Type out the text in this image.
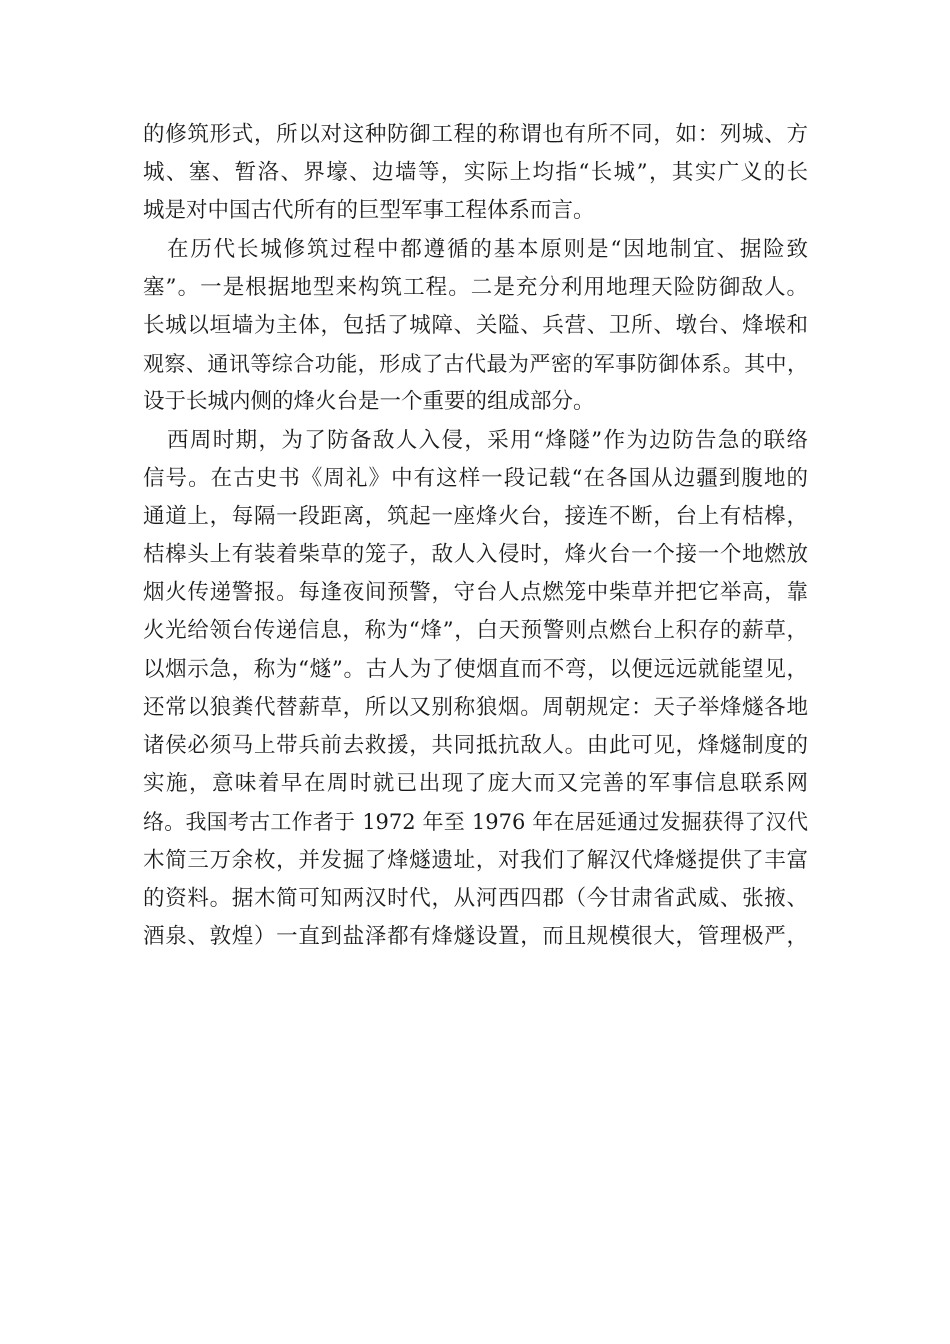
的修筑形式，所以对这种防御工程的称谓也有所不同，如：列城、方
城、塞、暂洛、界壕、边墙等，实际上均指“长城”，其实广义的长
城是对中国古代所有的巨型军事工程体系而言。
在历代长城修筑过程中都遵循的基本原则是“因地制宜、据险致
塞”。一是根据地型来构筑工程。二是充分利用地理天险防御敌人。
长城以垣墙为主体，包括了城障、关隘、兵营、卫所、墩台、烽堠和
观察、通讯等综合功能，形成了古代最为严密的军事防御体系。其中，
设于长城内侧的烽火台是一个重要的组成部分。
西周时期，为了防备敌人入侵，采用“烽隧”作为边防告急的联络
信号。在古史书《周礼》中有这样一段记载“在各国从边疆到腹地的
通道上，每隔一段距离，筑起一座烽火台，接连不断，台上有桔槔，
桔槔头上有装着柴草的笼子，敌人入侵时，烽火台一个接一个地燃放
烟火传递警报。每逢夜间预警，守台人点燃笼中柴草并把它举高，靠
火光给领台传递信息，称为“烽”，白天预警则点燃台上积存的薪草，
以烟示急，称为“燧”。古人为了使烟直而不弯，以便远远就能望见，
还常以狼粪代替薪草，所以又别称狼烟。周朝规定：天子举烽燧各地
诸侯必须马上带兵前去救援，共同抵抗敌人。由此可见，烽燧制度的
实施，意味着早在周时就已出现了庞大而又完善的军事信息联系网
络。我国考古工作者于 1972 年至 1976 年在居延通过发掘获得了汉代
木简三万余枚，并发掘了烽燧遗址，对我们了解汉代烽燧提供了丰富
的资料。据木简可知两汉时代，从河西四郡（今甘肃省武威、张掖、
酒泉、敦煌）一直到盐泽都有烽燧设置，而且规模很大，管理极严，
